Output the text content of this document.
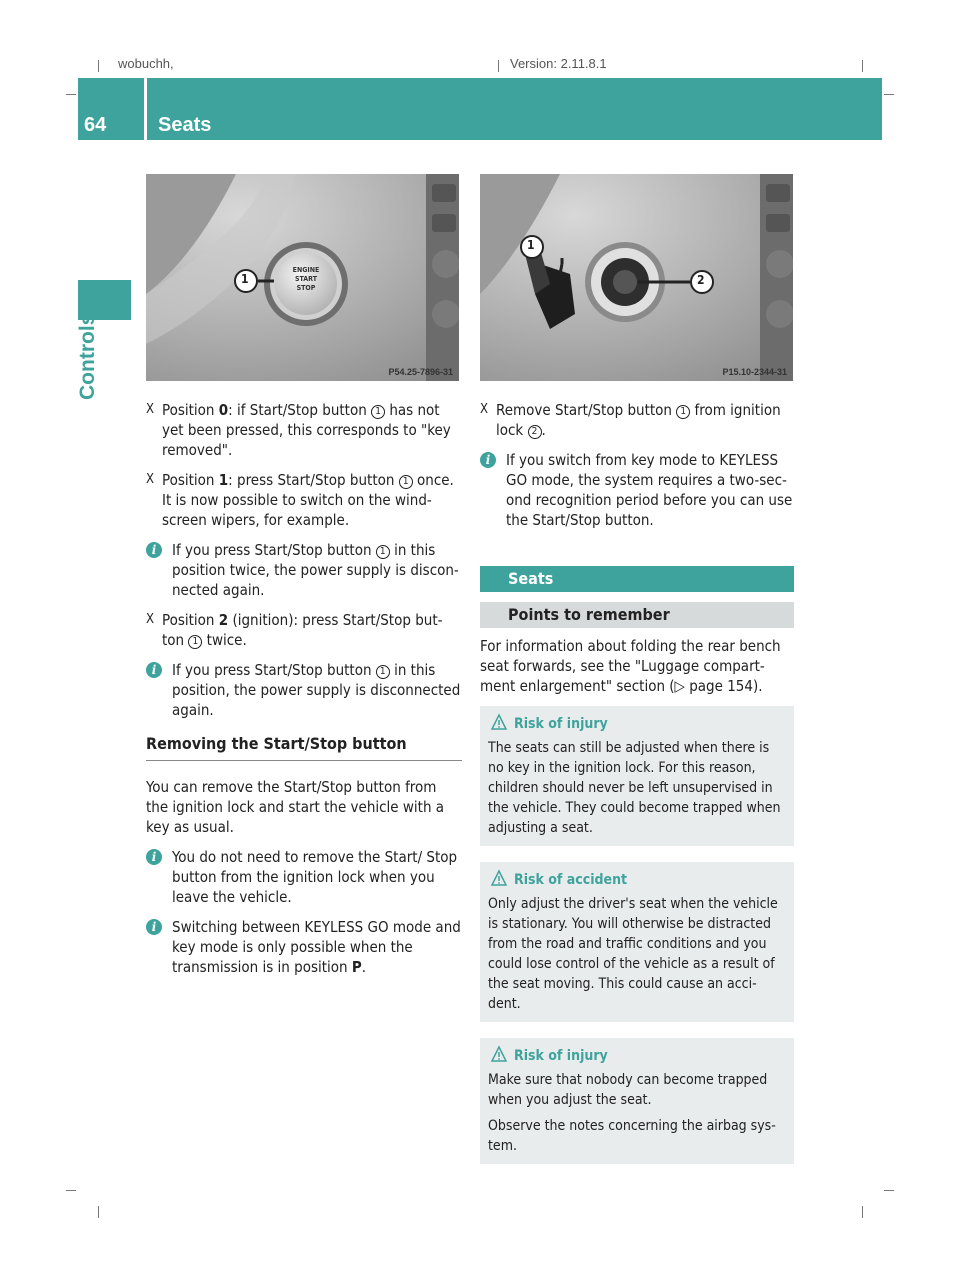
wobuchh,	Version: 2.11.8.1
64	Seats
Controls
1
ENGINE
START
STOP
P54.25-7896-31
1
2
P15.10-2344-31

X Position 0: if Start/Stop button 1 has not yet been pressed, this corresponds to "key removed".

X Position 1: press Start/Stop button 1 once.
It is now possible to switch on the wind-screen wipers, for example.

i	If you press Start/Stop button 1 in this position twice, the power supply is discon-nected again.

X Position 2 (ignition): press Start/Stop but-ton 1 twice.

i	If you press Start/Stop button 1 in this position, the power supply is disconnected again.

Removing the Start/Stop button

You can remove the Start/Stop button from the ignition lock and start the vehicle with a key as usual.

i	You do not need to remove the Start/ Stop button from the ignition lock when you leave the vehicle.

i	Switching between KEYLESS GO mode and key mode is only possible when the transmission is in position P.

X Remove Start/Stop button 1 from ignition lock 2 .

i	If you switch from key mode to KEYLESS GO mode, the system requires a two-sec-ond recognition period before you can use the Start/Stop button.

Seats
Points to remember

For information about folding the rear bench seat forwards, see the "Luggage compart-ment enlargement" section (▷ page 154).

Risk of injury

The seats can still be adjusted when there is no key in the ignition lock. For this reason, children should never be left unsupervised in the vehicle. They could become trapped when adjusting a seat.

Risk of accident

Only adjust the driver's seat when the vehicle is stationary. You will otherwise be distracted from the road and traffic conditions and you could lose control of the vehicle as a result of the seat moving. This could cause an acci-dent.

Risk of injury

Make sure that nobody can become trapped when you adjust the seat.

Observe the notes concerning the airbag sys-tem.
